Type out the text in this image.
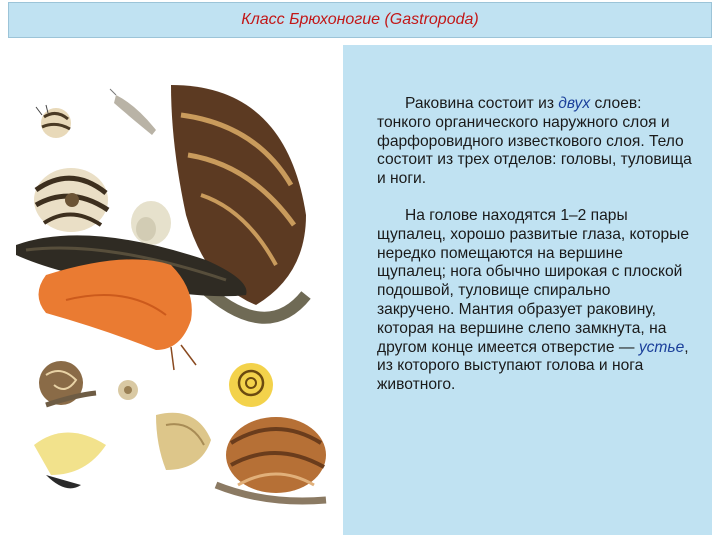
Класс Брюхоногие (Gastropoda)

Раковина состоит из двух слоев: тонкого органического наружного слоя и фарфоровидного известкового слоя. Тело состоит из трех отделов: головы, туловища и ноги.

На голове находятся 1–2 пары щупалец, хорошо развитые глаза, которые нередко помещаются на вершине щупалец; нога обычно широкая с плоской подошвой, туловище спирально закручено. Мантия образует раковину, которая на вершине слепо замкнута, на другом конце имеется отверстие — устье, из которого выступают голова и нога животного.
